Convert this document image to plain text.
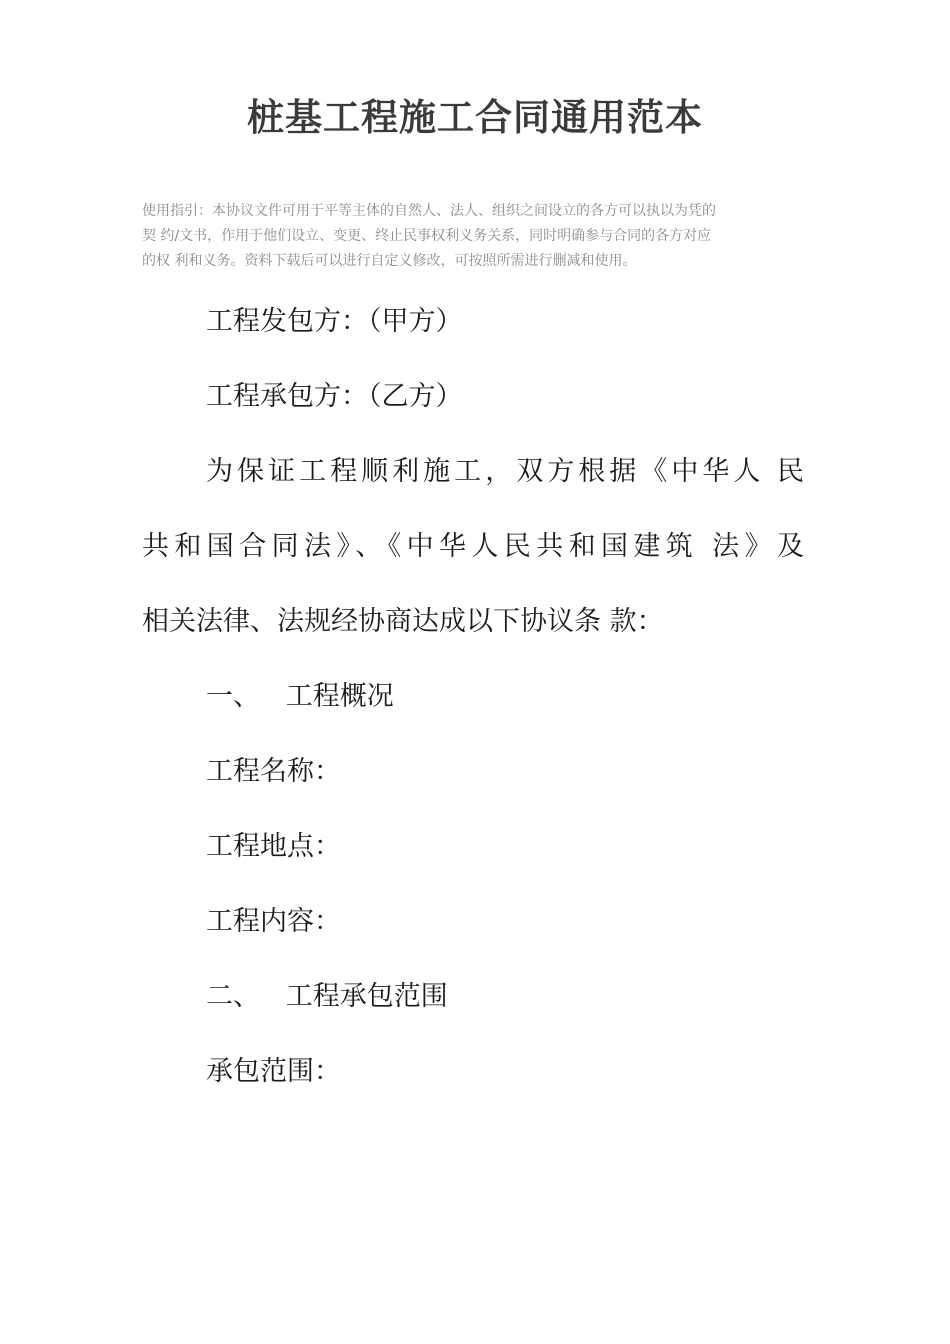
桩基工程施工合同通用范本
使用指引：本协议文件可用于平等主体的自然人、法人、组织之间设立的各方可以执以为凭的
契 约/文书，作用于他们设立、变更、终止民事权利义务关系，同时明确参与合同的各方对应
的权 利和义务。资料下载后可以进行自定义修改，可按照所需进行删减和使用。
工程发包方：（甲方）
工程承包方：（乙方）
为保证工程顺利施工，双方根据《中华人 民
共和国合同法》、《中华人民共和国建筑 法》及
相关法律、法规经协商达成以下协议条 款：
一、   工程概况
工程名称：
工程地点：
工程内容：
二、   工程承包范围
承包范围：
